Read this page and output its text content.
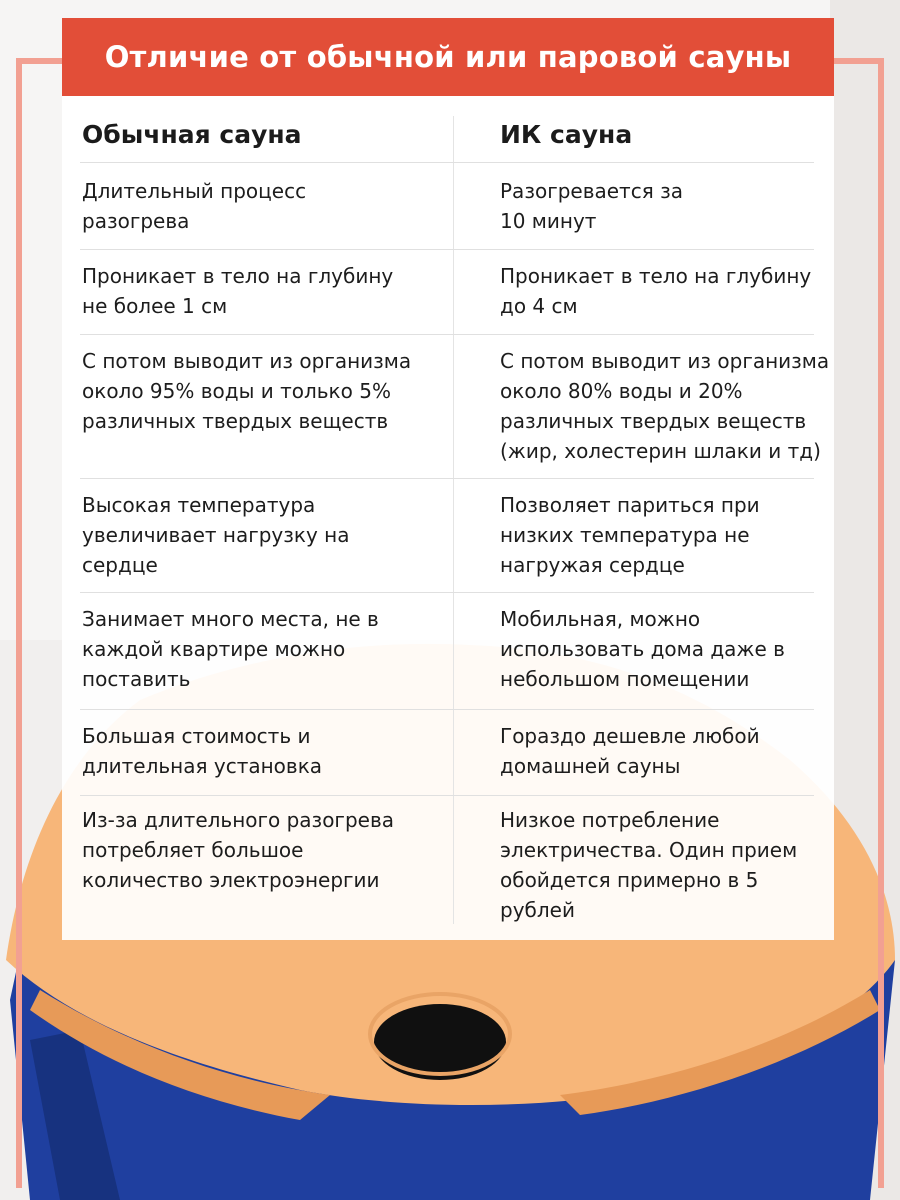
Отличие от обычной или паровой сауны
Обычная сауна	ИК сауна
Длительный процесс
разогрева
Разогревается за
10 минут
Проникает в тело на глубину
не более 1 см
Проникает в тело на глубину
до 4 см
С потом выводит из организма
около 95% воды и только 5%
различных твердых веществ
С потом выводит из организма
около 80% воды и 20%
различных твердых веществ
(жир, холестерин шлаки и тд)
Высокая температура
увеличивает нагрузку на
сердце
Позволяет париться при
низких температура не
нагружая сердце
Занимает много места, не в
каждой квартире можно
поставить
Мобильная, можно
использовать дома даже в
небольшом помещении
Большая стоимость и
длительная установка
Гораздо дешевле любой
домашней сауны
Из-за длительного разогрева
потребляет большое
количество электроэнергии
Низкое потребление
электричества. Один прием
обойдется примерно в 5
рублей
